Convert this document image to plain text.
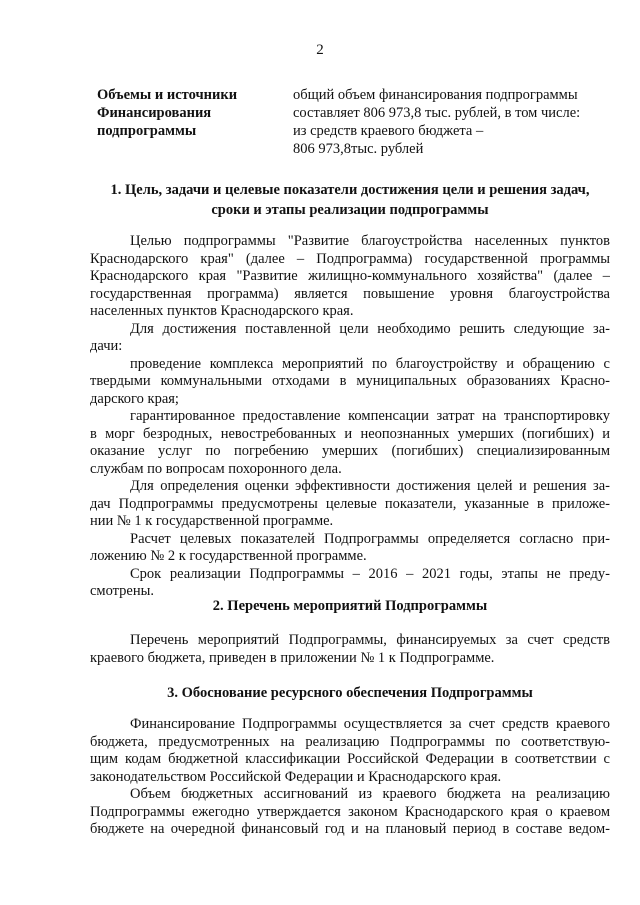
2
Объемы и источники
Финансирования
подпрограммы
общий объем финансирования подпрограммы
составляет 806 973,8 тыс. рублей, в том числе:
из средств краевого бюджета –
806 973,8тыс. рублей
1. Цель, задачи и целевые показатели достижения цели и решения задач,
сроки и этапы реализации подпрограммы
Целью подпрограммы "Развитие благоустройства населенных пунктов
Краснодарского края" (далее – Подпрограмма) государственной программы
Краснодарского края "Развитие жилищно-коммунального хозяйства" (далее –
государственная программа) является повышение уровня благоустройства
населенных пунктов Краснодарского края.
Для достижения поставленной цели необходимо решить следующие за-
дачи:
проведение комплекса мероприятий по благоустройству и обращению с
твердыми коммунальными отходами в муниципальных образованиях Красно-
дарского края;
гарантированное предоставление компенсации затрат на транспортировку
в морг безродных, невостребованных и неопознанных умерших (погибших) и
оказание услуг по погребению умерших (погибших) специализированным
службам по вопросам похоронного дела.
Для определения оценки эффективности достижения целей и решения за-
дач Подпрограммы предусмотрены целевые показатели, указанные в приложе-
нии № 1 к государственной программе.
Расчет целевых показателей Подпрограммы определяется согласно при-
ложению № 2 к государственной программе.
Срок реализации Подпрограммы – 2016 – 2021 годы, этапы не преду-
смотрены.
2. Перечень мероприятий Подпрограммы
Перечень мероприятий Подпрограммы, финансируемых за счет средств
краевого бюджета, приведен в приложении № 1 к Подпрограмме.
3. Обоснование ресурсного обеспечения Подпрограммы
Финансирование Подпрограммы осуществляется за счет средств краевого
бюджета, предусмотренных на реализацию Подпрограммы по соответствую-
щим кодам бюджетной классификации Российской Федерации в соответствии с
законодательством Российской Федерации и Краснодарского края.
Объем бюджетных ассигнований из краевого бюджета на реализацию
Подпрограммы ежегодно утверждается законом Краснодарского края о краевом
бюджете на очередной финансовый год и на плановый период в составе ведом-
